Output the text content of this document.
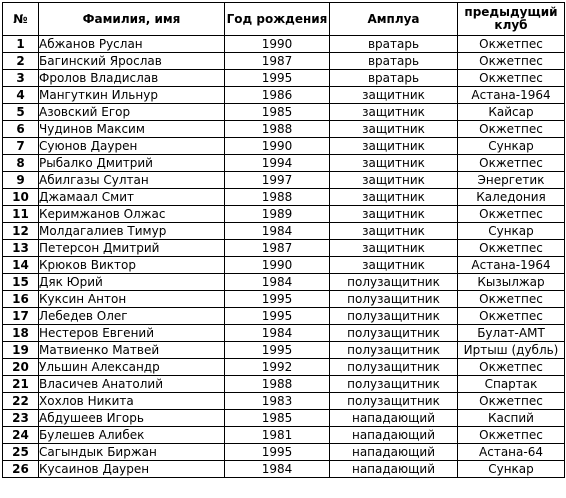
№	Фамилия, имя	Год рождения	Амплуа	предыдущий клуб
1	Абжанов Руслан	1990	вратарь	Окжетпес
2	Багинский Ярослав	1987	вратарь	Окжетпес
3	Фролов Владислав	1995	вратарь	Окжетпес
4	Мангуткин Ильнур	1986	защитник	Астана-1964
5	Азовский Егор	1985	защитник	Кайсар
6	Чудинов Максим	1988	защитник	Окжетпес
7	Суюнов Даурен	1990	защитник	Сункар
8	Рыбалко Дмитрий	1994	защитник	Окжетпес
9	Абилгазы Султан	1997	защитник	Энергетик
10	Джамаал Смит	1988	защитник	Каледония
11	Керимжанов Олжас	1989	защитник	Окжетпес
12	Молдагалиев Тимур	1984	защитник	Сункар
13	Петерсон Дмитрий	1987	защитник	Окжетпес
14	Крюков Виктор	1990	защитник	Астана-1964
15	Дяк Юрий	1984	полузащитник	Кызылжар
16	Куксин Антон	1995	полузащитник	Окжетпес
17	Лебедев Олег	1995	полузащитник	Окжетпес
18	Нестеров Евгений	1984	полузащитник	Булат-АМТ
19	Матвиенко Матвей	1995	полузащитник	Иртыш (дубль)
20	Ульшин Александр	1992	полузащитник	Окжетпес
21	Власичев Анатолий	1988	полузащитник	Спартак
22	Хохлов Никита	1983	полузащитник	Окжетпес
23	Абдушеев Игорь	1985	нападающий	Каспий
24	Булешев Алибек	1981	нападающий	Окжетпес
25	Сагындык Биржан	1995	нападающий	Астана-64
26	Кусаинов Даурен	1984	нападающий	Сункар
